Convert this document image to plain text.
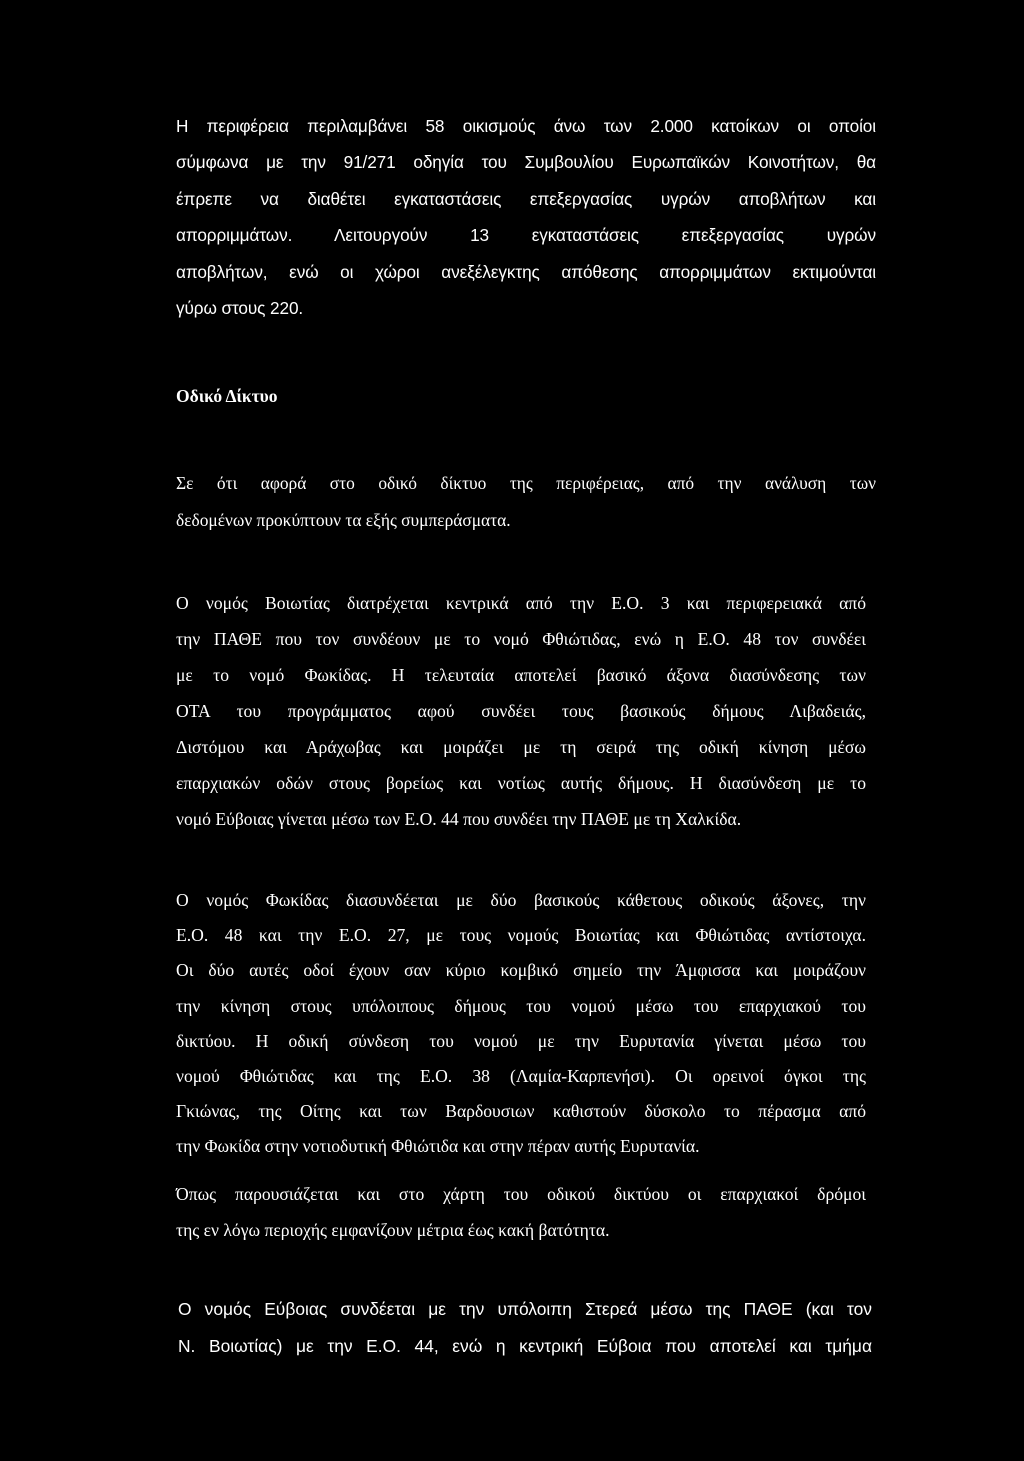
Η περιφέρεια περιλαμβάνει 58 οικισμούς άνω των 2.000 κατοίκων οι οποίοι
σύμφωνα με την 91/271 οδηγία του Συμβουλίου Ευρωπαϊκών Κοινοτήτων, θα
έπρεπε να διαθέτει εγκαταστάσεις επεξεργασίας υγρών αποβλήτων και
απορριμμάτων. Λειτουργούν 13 εγκαταστάσεις επεξεργασίας υγρών
αποβλήτων, ενώ οι χώροι ανεξέλεγκτης απόθεσης απορριμμάτων εκτιμούνται
γύρω στους 220.
Οδικό Δίκτυο
Σε ότι αφορά στο οδικό δίκτυο της περιφέρειας, από την ανάλυση των
δεδομένων προκύπτουν τα εξής συμπεράσματα.
Ο νομός Βοιωτίας διατρέχεται κεντρικά από την Ε.Ο. 3 και περιφερειακά από
την ΠΑΘΕ που τον συνδέουν με το νομό Φθιώτιδας, ενώ η Ε.Ο. 48 τον συνδέει
με το νομό Φωκίδας. Η τελευταία αποτελεί βασικό άξονα διασύνδεσης των
ΟΤΑ του προγράμματος αφού συνδέει τους βασικούς δήμους Λιβαδειάς,
Διστόμου και Αράχωβας και μοιράζει με τη σειρά της οδική κίνηση μέσω
επαρχιακών οδών στους βορείως και νοτίως αυτής δήμους. Η διασύνδεση με το
νομό Εύβοιας γίνεται μέσω των Ε.Ο. 44 που συνδέει την ΠΑΘΕ με τη Χαλκίδα.
Ο νομός Φωκίδας διασυνδέεται με δύο βασικούς κάθετους οδικούς άξονες, την
Ε.Ο. 48 και την Ε.Ο. 27, με τους νομούς Βοιωτίας και Φθιώτιδας αντίστοιχα.
Οι δύο αυτές οδοί έχουν σαν κύριο κομβικό σημείο την Άμφισσα και μοιράζουν
την κίνηση στους υπόλοιπους δήμους του νομού μέσω του επαρχιακού του
δικτύου. Η οδική σύνδεση του νομού με την Ευρυτανία γίνεται μέσω του
νομού Φθιώτιδας και της Ε.Ο. 38 (Λαμία-Καρπενήσι). Οι ορεινοί όγκοι της
Γκιώνας, της Οίτης και των Βαρδουσιων καθιστούν δύσκολο το πέρασμα από
την Φωκίδα στην νοτιοδυτική Φθιώτιδα και στην πέραν αυτής Ευρυτανία.
Όπως παρουσιάζεται και στο χάρτη του οδικού δικτύου οι επαρχιακοί δρόμοι
της εν λόγω περιοχής εμφανίζουν μέτρια έως κακή βατότητα.
Ο νομός Εύβοιας συνδέεται με την υπόλοιπη Στερεά μέσω της ΠΑΘΕ (και τον
Ν. Βοιωτίας) με την Ε.Ο. 44, ενώ η κεντρική Εύβοια που αποτελεί και τμήμα
